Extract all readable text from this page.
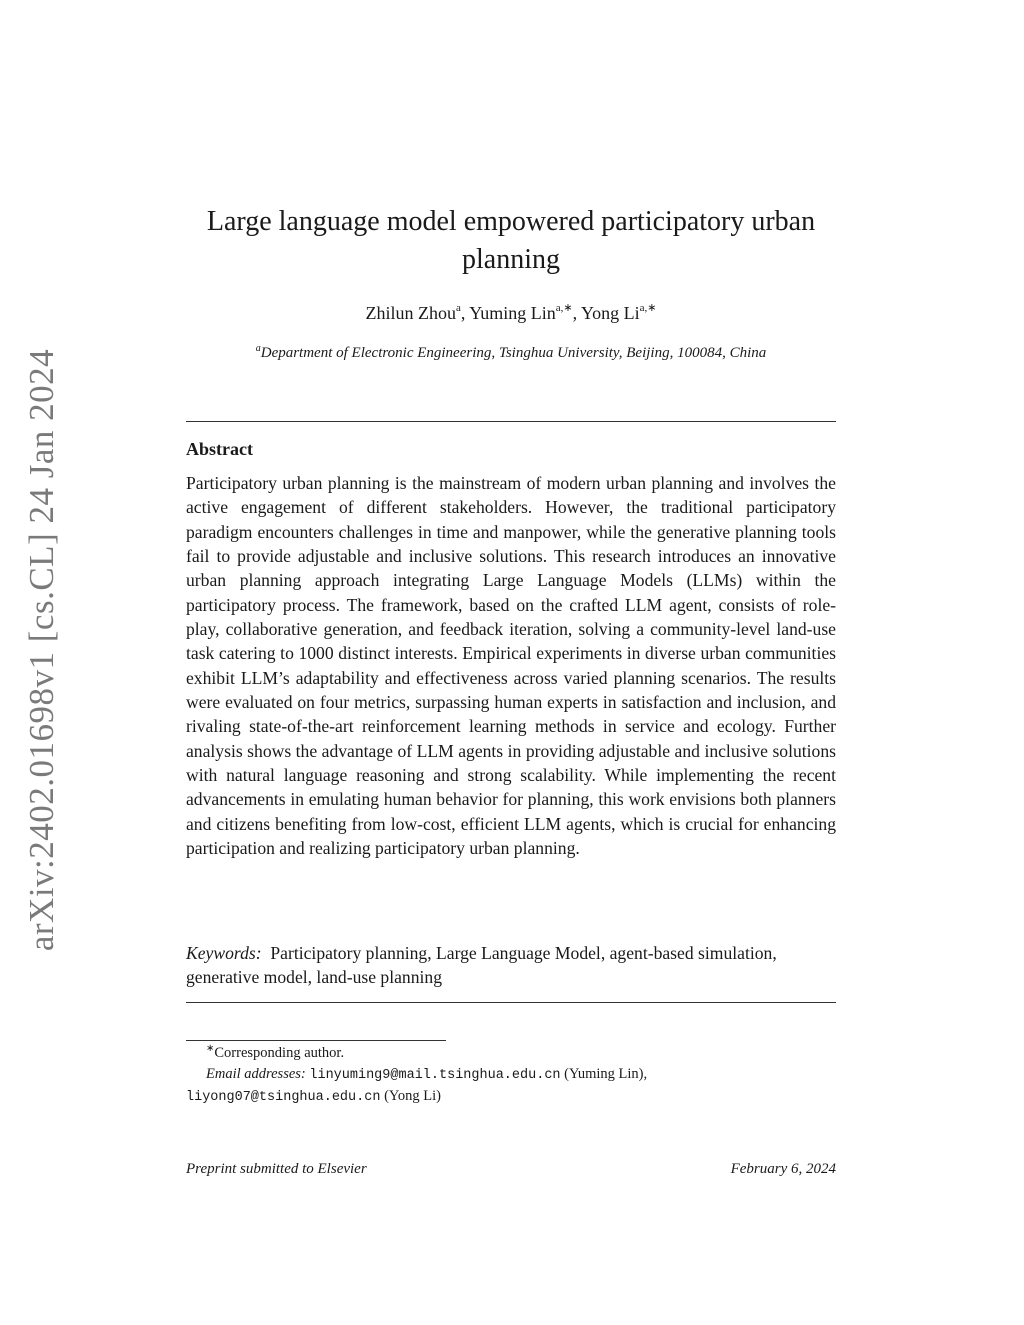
arXiv:2402.01698v1 [cs.CL] 24 Jan 2024
Large language model empowered participatory urban planning
Zhilun Zhou$^a$, Yuming Lin$^{a,∗}$, Yong $Li^{a,∗}$
$^a$Department of Electronic Engineering, Tsinghua University, Beijing, 100084, China
Abstract

Participatory urban planning is the mainstream of modern urban planning and involves the active engagement of different stakeholders. However, the traditional participatory paradigm encounters challenges in time and manpower, while the generative planning tools fail to provide adjustable and inclusive solutions. This research introduces an innovative urban planning approach integrating Large Language Models (LLMs) within the participatory process. The framework, based on the crafted LLM agent, consists of role-play, collaborative generation, and feedback iteration, solving a community-level land-use task catering to 1000 distinct interests. Empirical experiments in diverse urban communities exhibit LLM’s adaptability and effectiveness across varied planning scenarios. The results were evaluated on four metrics, surpassing human experts in satisfaction and inclusion, and rivaling state-of-the-art reinforcement learning methods in service and ecology. Further analysis shows the advantage of LLM agents in providing adjustable and inclusive solutions with natural language reasoning and strong scalability. While implementing the recent advancements in emulating human behavior for planning, this work envisions both planners and citizens benefiting from low-cost, efficient LLM agents, which is crucial for enhancing participation and realizing participatory urban planning.

Keywords: Participatory planning, Large Language Model, agent-based simulation, generative model, land-use planning
∗Corresponding author.
Email addresses: linyuming9@mail.tsinghua.edu.cn (Yuming Lin),
liyong07@tsinghua.edu.cn (Yong Li)
Preprint submitted to Elsevier	February 6, 2024
